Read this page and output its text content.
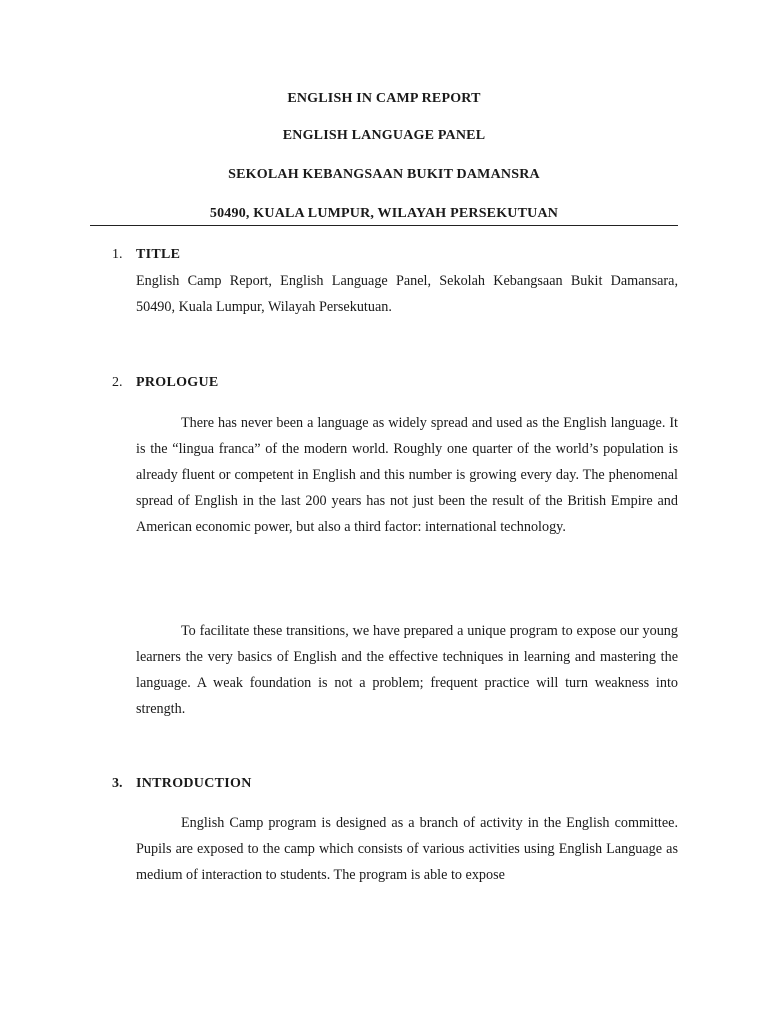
ENGLISH IN CAMP REPORT
ENGLISH LANGUAGE PANEL
SEKOLAH KEBANGSAAN BUKIT DAMANSRA
50490, KUALA LUMPUR, WILAYAH PERSEKUTUAN
1. TITLE

English Camp Report, English Language Panel, Sekolah Kebangsaan Bukit Damansara, 50490, Kuala Lumpur, Wilayah Persekutuan.

2. PROLOGUE

There has never been a language as widely spread and used as the English language. It is the “lingua franca” of the modern world. Roughly one quarter of the world’s population is already fluent or competent in English and this number is growing every day. The phenomenal spread of English in the last 200 years has not just been the result of the British Empire and American economic power, but also a third factor: international technology.

To facilitate these transitions, we have prepared a unique program to expose our young learners the very basics of English and the effective techniques in learning and mastering the language. A weak foundation is not a problem; frequent practice will turn weakness into strength.

3. INTRODUCTION

English Camp program is designed as a branch of activity in the English committee. Pupils are exposed to the camp which consists of various activities using English Language as medium of interaction to students. The program is able to expose
